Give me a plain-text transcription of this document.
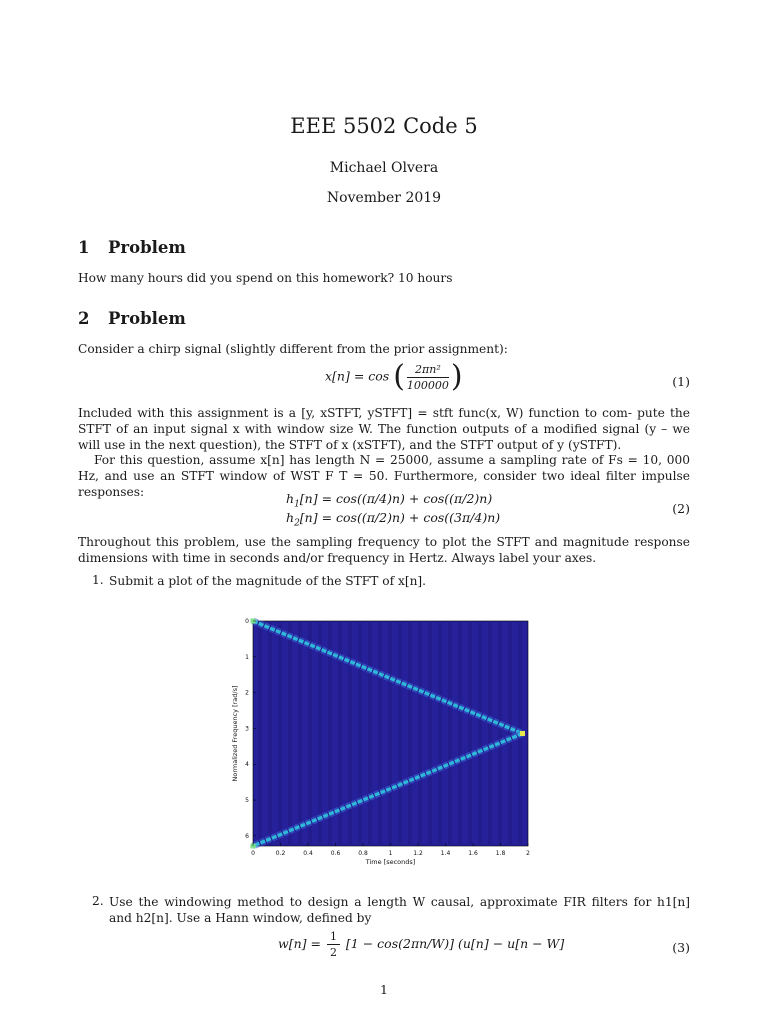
EEE 5502 Code 5
Michael Olvera
November 2019
1 Problem
How many hours did you spend on this homework? 10 hours
2 Problem
Consider a chirp signal (slightly different from the prior assignment):
x[n] = cos ( $\frac{\text{2πn²}}{100000}$ )	(1)
Included with this assignment is a [y, xSTFT, ySTFT] = stft func(x, W) function to com- pute the STFT of an input signal x with window size W. The function outputs of a modified signal (y – we will use in the next question), the STFT of x (xSTFT), and the STFT output of y (ySTFT).
For this question, assume x[n] has length N = 25000, assume a sampling rate of Fs = 10, 000 Hz, and use an STFT window of WST F T = 50. Furthermore, consider two ideal filter impulse responses:	$h_1[n] = \cos((\pi/4)n) + \cos((\pi/2)n)$
$h_2[n] = \cos((\pi/2)n) + \cos((3\pi/4)n)$
(2)
Throughout this problem, use the sampling frequency to plot the STFT and magnitude response dimensions with time in seconds and/or frequency in Hertz. Always label your axes.
1. Submit a plot of the magnitude of the STFT of x[n].
0	0.2	0.4	0.6	0.8	1	1.2	1.4	1.6	1.8	2
0
1
2
3
4
5
6
Time [seconds]
Normalized Frequency [rad/s]
2. Use the windowing method to design a length W causal, approximate FIR filters for h1[n] and h2[n]. Use a Hann window, defined by
$w[n] = \frac{1}{2} [1 - \cos(2\pi n/W)] (u[n] - u[n - W]$	(3)
1
